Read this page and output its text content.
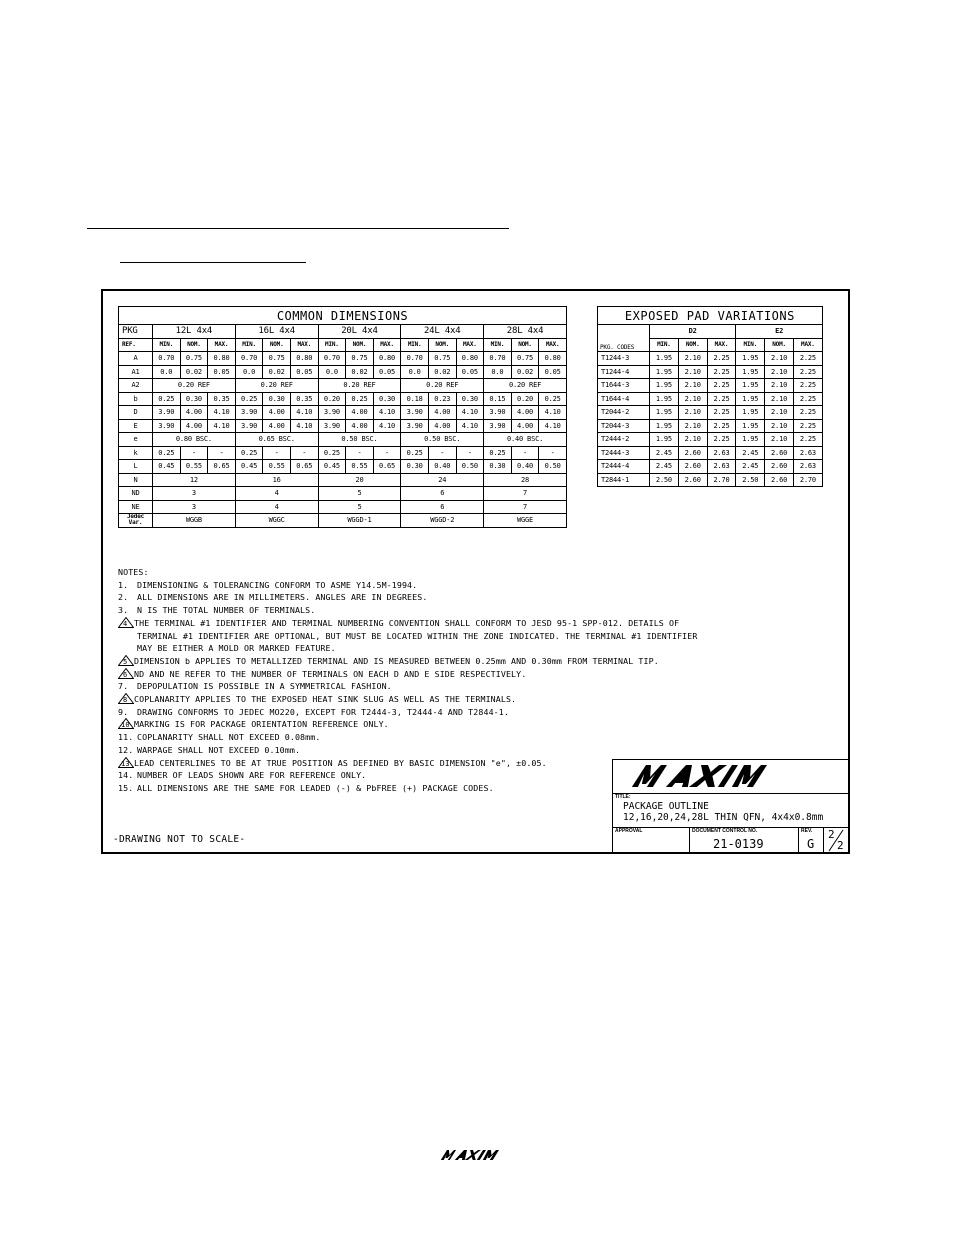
COMMON DIMENSIONS															
PKG	12L 4x4			16L 4x4			20L 4x4			24L 4x4			28L 4x4		
REF.	MIN.	NOM.	MAX.	MIN.	NOM.	MAX.	MIN.	NOM.	MAX.	MIN.	NOM.	MAX.	MIN.	NOM.	MAX.
A	0.70	0.75	0.80	0.70	0.75	0.80	0.70	0.75	0.80	0.70	0.75	0.80	0.70	0.75	0.80
A1	0.0	0.02	0.05	0.0	0.02	0.05	0.0	0.02	0.05	0.0	0.02	0.05	0.0	0.02	0.05
A2	0.20 REF			0.20 REF			0.20 REF			0.20 REF			0.20 REF		
b	0.25	0.30	0.35	0.25	0.30	0.35	0.20	0.25	0.30	0.18	0.23	0.30	0.15	0.20	0.25
D	3.90	4.00	4.10	3.90	4.00	4.10	3.90	4.00	4.10	3.90	4.00	4.10	3.90	4.00	4.10
E	3.90	4.00	4.10	3.90	4.00	4.10	3.90	4.00	4.10	3.90	4.00	4.10	3.90	4.00	4.10
e	0.80 BSC.			0.65 BSC.			0.50 BSC.			0.50 BSC.			0.40 BSC.		
k	0.25	-	-	0.25	-	-	0.25	-	-	0.25	-	-	0.25	-	-
L	0.45	0.55	0.65	0.45	0.55	0.65	0.45	0.55	0.65	0.30	0.40	0.50	0.30	0.40	0.50
N	12			16			20			24			28		
ND	3			4			5			6			7		
NE	3			4			5			6			7		
Jedec Var.	WGGB			WGGC			WGGD-1			WGGD-2			WGGE		
EXPOSED PAD VARIATIONS						
PKG. CODES	D2			E2		
	MIN.	NOM.	MAX.	MIN.	NOM.	MAX.
T1244-3	1.95	2.10	2.25	1.95	2.10	2.25
T1244-4	1.95	2.10	2.25	1.95	2.10	2.25
T1644-3	1.95	2.10	2.25	1.95	2.10	2.25
T1644-4	1.95	2.10	2.25	1.95	2.10	2.25
T2044-2	1.95	2.10	2.25	1.95	2.10	2.25
T2044-3	1.95	2.10	2.25	1.95	2.10	2.25
T2444-2	1.95	2.10	2.25	1.95	2.10	2.25
T2444-3	2.45	2.60	2.63	2.45	2.60	2.63
T2444-4	2.45	2.60	2.63	2.45	2.60	2.63
T2844-1	2.50	2.60	2.70	2.50	2.60	2.70
NOTES:
1. DIMENSIONING & TOLERANCING CONFORM TO ASME Y14.5M-1994.
2. ALL DIMENSIONS ARE IN MILLIMETERS. ANGLES ARE IN DEGREES.
3. N IS THE TOTAL NUMBER OF TERMINALS.
4 THE TERMINAL #1 IDENTIFIER AND TERMINAL NUMBERING CONVENTION SHALL CONFORM TO JESD 95-1 SPP-012. DETAILS OF
TERMINAL #1 IDENTIFIER ARE OPTIONAL, BUT MUST BE LOCATED WITHIN THE ZONE INDICATED. THE TERMINAL #1 IDENTIFIER
MAY BE EITHER A MOLD OR MARKED FEATURE.
5 DIMENSION b APPLIES TO METALLIZED TERMINAL AND IS MEASURED BETWEEN 0.25mm AND 0.30mm FROM TERMINAL TIP.
6 ND AND NE REFER TO THE NUMBER OF TERMINALS ON EACH D AND E SIDE RESPECTIVELY.
7. DEPOPULATION IS POSSIBLE IN A SYMMETRICAL FASHION.
8 COPLANARITY APPLIES TO THE EXPOSED HEAT SINK SLUG AS WELL AS THE TERMINALS.
9. DRAWING CONFORMS TO JEDEC MO220, EXCEPT FOR T2444-3, T2444-4 AND T2844-1.
10 MARKING IS FOR PACKAGE ORIENTATION REFERENCE ONLY.
11. COPLANARITY SHALL NOT EXCEED 0.08mm.
12. WARPAGE SHALL NOT EXCEED 0.10mm.
13 LEAD CENTERLINES TO BE AT TRUE POSITION AS DEFINED BY BASIC DIMENSION "e", ±0.05.
14. NUMBER OF LEADS SHOWN ARE FOR REFERENCE ONLY.
15. ALL DIMENSIONS ARE THE SAME FOR LEADED (-) & PbFREE (+) PACKAGE CODES.
-DRAWING NOT TO SCALE-
TITLE:
PACKAGE OUTLINE
12,16,20,24,28L THIN QFN, 4x4x0.8mm
APPROVAL	DOCUMENT CONTROL NO.
21-0139
REV.
G
2
2
